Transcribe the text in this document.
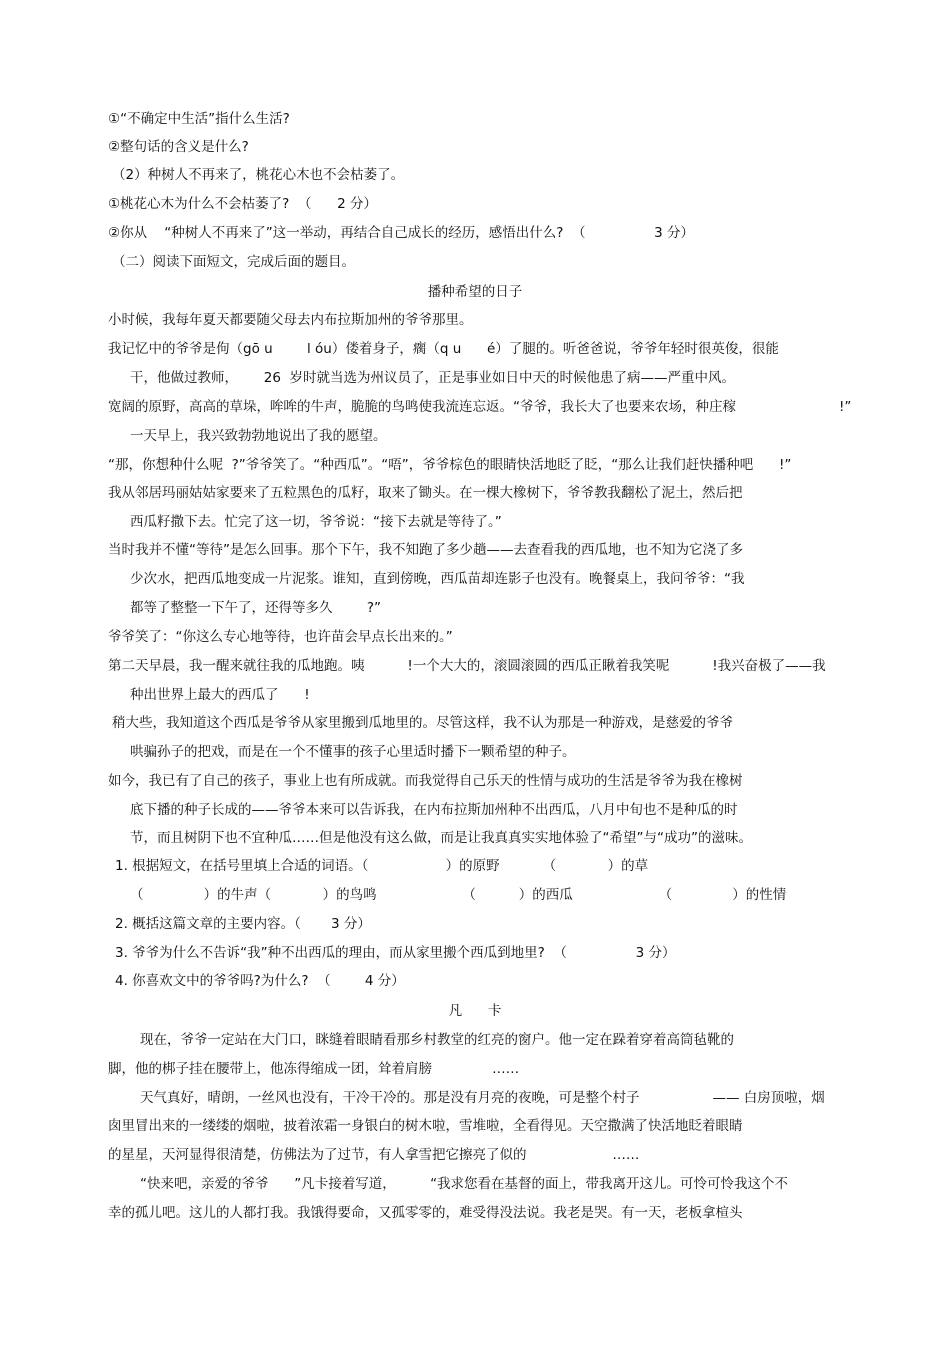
①“不确定中生活”指什么生活?
②整句话的含义是什么?
（2）种树人不再来了，桃花心木也不会枯萎了。
①桃花心木为什么不会枯萎了?  （      2 分）
②你从    “种树人不再来了”这一举动，再结合自己成长的经历，感悟出什么?  （                3 分）
（二）阅读下面短文，完成后面的题目。
播种希望的日子
小时候，我每年夏天都要随父母去内布拉斯加州的爷爷那里。
我记忆中的爷爷是佝（gō u        l óu）偻着身子，瘸（q u      é）了腿的。听爸爸说，爷爷年轻时很英俊，很能
干，他做过教师，      26  岁时就当选为州议员了，正是事业如日中天的时候他患了病——严重中风。
宽阔的原野，高高的草垛，哞哞的牛声，脆脆的鸟鸣使我流连忘返。“爷爷，我长大了也要来农场，种庄稼                        !”
一天早上，我兴致勃勃地说出了我的愿望。
“那，你想种什么呢  ?”爷爷笑了。“种西瓜”。“唔”，爷爷棕色的眼睛快活地眨了眨，“那么让我们赶快播种吧      !”
我从邻居玛丽姑姑家要来了五粒黑色的瓜籽，取来了锄头。在一棵大橡树下，爷爷教我翻松了泥土，然后把
西瓜籽撒下去。忙完了这一切，爷爷说：“接下去就是等待了。”
当时我并不懂“等待”是怎么回事。那个下午，我不知跑了多少趟——去查看我的西瓜地，也不知为它浇了多
少次水，把西瓜地变成一片泥浆。谁知，直到傍晚，西瓜苗却连影子也没有。晚餐桌上，我问爷爷：“我
都等了整整一下午了，还得等多久        ?”
爷爷笑了：“你这么专心地等待，也许苗会早点长出来的。”
第二天早晨，我一醒来就往我的瓜地跑。咦          !一个大大的，滚圆滚圆的西瓜正瞅着我笑呢          !我兴奋极了——我
种出世界上最大的西瓜了      !
稍大些，我知道这个西瓜是爷爷从家里搬到瓜地里的。尽管这样，我不认为那是一种游戏，是慈爱的爷爷
哄骗孙子的把戏，而是在一个不懂事的孩子心里适时播下一颗希望的种子。
如今，我已有了自己的孩子，事业上也有所成就。而我觉得自己乐天的性情与成功的生活是爷爷为我在橡树
底下播的种子长成的——爷爷本来可以告诉我，在内布拉斯加州种不出西瓜，八月中旬也不是种瓜的时
节，而且树阴下也不宜种瓜……但是他没有这么做，而是让我真真实实地体验了“希望”与“成功”的滋味。
1. 根据短文，在括号里填上合适的词语。（                  ）的原野          （            ）的草
（              ）的牛声（            ）的鸟鸣                    （          ）的西瓜                    （              ）的性情
2. 概括这篇文章的主要内容。（       3 分）
3. 爷爷为什么不告诉“我”种不出西瓜的理由，而从家里搬个西瓜到地里?  （                3 分）
4. 你喜欢文中的爷爷吗?为什么?  （        4 分）
凡      卡
现在，爷爷一定站在大门口，眯缝着眼睛看那乡村教堂的红亮的窗户。他一定在跺着穿着高筒毡靴的
脚，他的梆子挂在腰带上，他冻得缩成一团，耸着肩膀              ……
天气真好，晴朗，一丝风也没有，干冷干冷的。那是没有月亮的夜晚，可是整个村子                 —— 白房顶啦，烟
囱里冒出来的一缕缕的烟啦，披着浓霜一身银白的树木啦，雪堆啦，全看得见。天空撒满了快活地眨着眼睛
的星星，天河显得很清楚，仿佛法为了过节，有人拿雪把它擦亮了似的                    ……
“快来吧，亲爱的爷爷      ”凡卡接着写道，        “我求您看在基督的面上，带我离开这儿。可怜可怜我这个不
幸的孤儿吧。这儿的人都打我。我饿得要命，又孤零零的，难受得没法说。我老是哭。有一天，老板拿楦头
